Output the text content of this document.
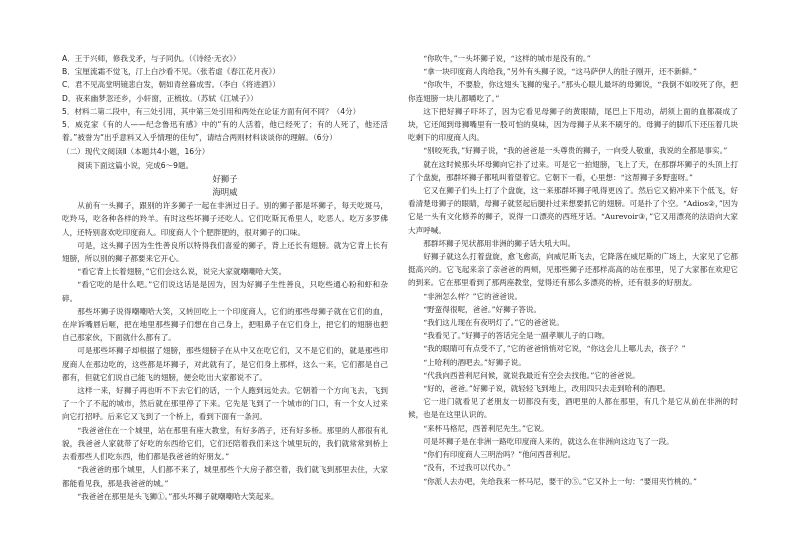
A．王于兴师，修我戈矛，与子同仇。（《诗经·无衣》）

B．宝厘流霜不觉飞，汀上白沙看不见。（张若虚《春江花月夜》）

C．君不见高堂明镜悲白发，朝如青丝暮成雪。（李白《将进酒》）

D．夜来幽梦忽还乡，小轩窗，正梳妆。（苏轼《江城子》）

5．材料二第二段中，有三处引用，其中第三处引用和两处在论证方面有何不同？（4分）

5．威克家《有的人——纪念鲁迅有感》中的“有的人活着，他已经死了；有的人死了，他还活着。”被誉为“出乎意料又入乎情理的佳句”，请结合两则材料谈谈你的理解。（6分）

（二）现代文阅读Ⅱ（本题共4小题，16分）

阅读下面这篇小说，完成6～9题。

好狮子

海明威

从前有一头狮子，跟别的许多狮子一起在非洲过日子。别的狮子都是坏狮子，每天吃斑马，吃羚马，吃各种各样的羚羊。有时这些坏狮子还吃人。它们吃斯瓦希里人，吃恶人。吃万多罗佛人，还特别喜欢吃印度商人。印度商人个个肥胖肥的，很对狮子的口味。

可是，这头狮子因为生性善良所以特得我们喜爱的狮子，背上还长有翅膀。就为它背上长有翅膀，所以别的狮子都要来它开心。

“看它背上长着翅膀，”它们会这么说，说完大家就嘲嘲哈大笑。

“看它吃的是什么吧。”它们说这话是是因为，因为好狮子生性善良，只吃些通心粉和虾和杂碎。

那些坏狮子说得嘲嘲哈大笑，又转回吃上一个印度商人，它们的那些母狮子就在它们的血，在岸诉嘴唇后咂，把在地里那些狮子们想在自己身上，把咀鼻子在它们身上，把它们的翅膀也把自己那家伙，下面就什么都有了。

可是那些坏狮子却根据了翅膀，那些翅膀子在从中又在吃它们，又不是它们的，就是那些印度商人在那边吃的，这些都是坏狮子，对此就有了，是它们身上那样，这么一来，它们都是自己都有，但就它们说自己能飞的翅膀，便会吃出大家都说不了。

这样一来，好狮子再也听不下去它们的话，一个人跑到远处去。它朝着一个方向飞去，飞到了一个了不起的城市，然后就在那里停了下来。它先是飞到了一个城市的门口，有一个女人过来向它打招呼。后来它又飞到了一个桥上，看到下面有一条河。

“我爸爸住在一个城里，站在那里有座大教堂，有好多鸽子，还有好多桥。那里的人都很有礼貌，我爸爸人家就带了好吃的东西给它们，它们还陪着我们来这个城里玩的，我们就常常到桥上去看那些人们吃东西，他们都是我爸爸的好朋友。”

“我爸爸的那个城里，人们都不来了，城里那些个大房子都空着，我们就飞到那里去住，大家都能看见我，那是我爸爸的城。”

“我爸爸在那里是头飞狮①。”那头坏狮子就嘲嘲哈大笑起来。

“你吹牛，”一头坏狮子说，“这样的城市是没有的。”

“拿一块印度商人肉给我，”另外有头狮子说，“这马萨伊人的肚子刚开，还不新鲜。”

“你吹牛，不要脸，你这翅头飞狮的鬼子。”那头心眼儿最坏的母狮说，“我倒不如咬死了你，把你连翅膀一块儿都嚼吃了。”

这下把好狮子吓坏了，因为它看见母狮子的黄眼睛，尾巴上下甩动，胡须上面的血都凝成了块，它还闻到母狮嘴里有一股可怕的臭味，因为母狮子从来不刷牙的。母狮子的脚爪下还压着几块吃剩下的印度商人肉。

“别咬死我，”好狮子说，“我的爸爸是一头尊贵的狮子，一向受人敬重，我说的全都是事实。”

就在这时候那头坏母狮向它扑了过来。可是它一拍翅膀，飞上了天，在那群坏狮子的头顶上打了个盘旋，那群坏狮子都吼叫着望着它。它朝下一看，心里想：“这帮狮子多野蛮呀。”

它又在狮子们头上打了个盘旋，这一来那群坏狮子吼得更凶了。然后它又俯冲来下个低飞，好看清楚母狮子的眼睛，母狮子就竖起后腿扑过来想要抓它的翅膀。可是扑了个空。“Adios②，”因为它是一头有文化修养的狮子，说得一口漂亮的西班牙话。“Aurevoir③，”它又用漂亮的法语向大家大声呼喊。

那群坏狮子见状都用非洲的狮子话大吼大叫。

好狮子就这么打着盘旋，愈飞愈高，向威尼斯飞去，它降落在威尼斯的广场上，大家见了它都挺高兴的。它飞起来亲了亲爸爸的两颊，见那些狮子还那样高高的站在那里，见了大家都在欢迎它的到来。它在那里看到了那两座教堂，觉得还有那么多漂亮的桥，还有很多的好朋友。

“非洲怎么样？”它的爸爸说。

“野蛮得很呢，爸爸。”好狮子答说。

“我们这儿现在有夜明灯了。”它的爸爸说。

“我看见了。”好狮子的答话完全是一副孝顺儿子的口吻。

“我的眼睛可有点受不了，”它的爸爸悄悄对它说，“你这会儿上哪儿去，孩子？”

“上哈利的酒吧去。”好狮子说。

“代我向西普利尼问候，就说我最近有空会去找他。”它的爸爸说。

“好的，爸爸。”好狮子说，就轻轻飞到地上，改用四只去走到哈利的酒吧。

它一进门就看见了老朋友一切都没有变，酒吧里的人都在那里，有几个是它从前在非洲的时候，也是在这里认识的。

“来杯马格尼，西普利尼先生。”它说。

可是坏狮子是在非洲一路吃印度商人来的，就这么在非洲向这边飞了一段。

“你们有印度商人三明治吗？”他问西普利尼。

“没有，不过我可以代办。”

“你派人去办吧，先给我来一杯马尼，要干的⑤。”它又补上一句：“要用夹竹桃的。”
